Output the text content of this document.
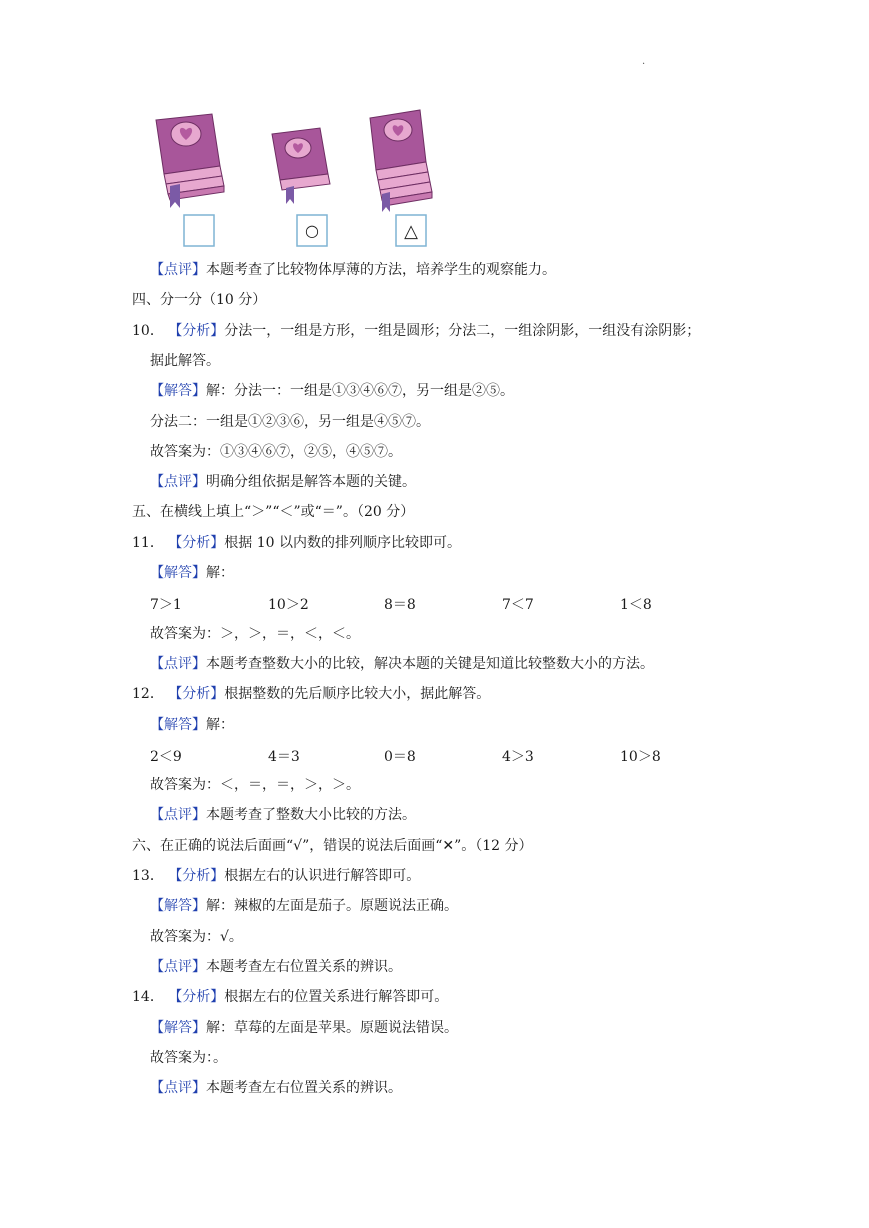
.
○	△
【点评】本题考查了比较物体厚薄的方法，培养学生的观察能力。
四、分一分（10 分）
10． 【分析】分法一，一组是方形，一组是圆形；分法二，一组涂阴影，一组没有涂阴影；
据此解答。
【解答】解：分法一：一组是①③④⑥⑦，另一组是②⑤。
分法二：一组是①②③⑥，另一组是④⑤⑦。
故答案为：①③④⑥⑦，②⑤，④⑤⑦。
【点评】明确分组依据是解答本题的关键。
五、在横线上填上“＞”“＜”或“＝”。（20 分）
11． 【分析】根据 10 以内数的排列顺序比较即可。
【解答】解：
7＞1	10＞2	8＝8	7＜7	1＜8
故答案为：＞，＞，＝，＜，＜。
【点评】本题考查整数大小的比较，解决本题的关键是知道比较整数大小的方法。
12． 【分析】根据整数的先后顺序比较大小，据此解答。
【解答】解：
2＜9	4＝3	0＝8	4＞3	10＞8
故答案为：＜，＝，＝，＞，＞。
【点评】本题考查了整数大小比较的方法。
六、在正确的说法后面画“√”，错误的说法后面画“✕”。（12 分）
13． 【分析】根据左右的认识进行解答即可。
【解答】解：辣椒的左面是茄子。原题说法正确。
故答案为：√。
【点评】本题考查左右位置关系的辨识。
14． 【分析】根据左右的位置关系进行解答即可。
【解答】解：草莓的左面是苹果。原题说法错误。
故答案为：。
【点评】本题考查左右位置关系的辨识。
